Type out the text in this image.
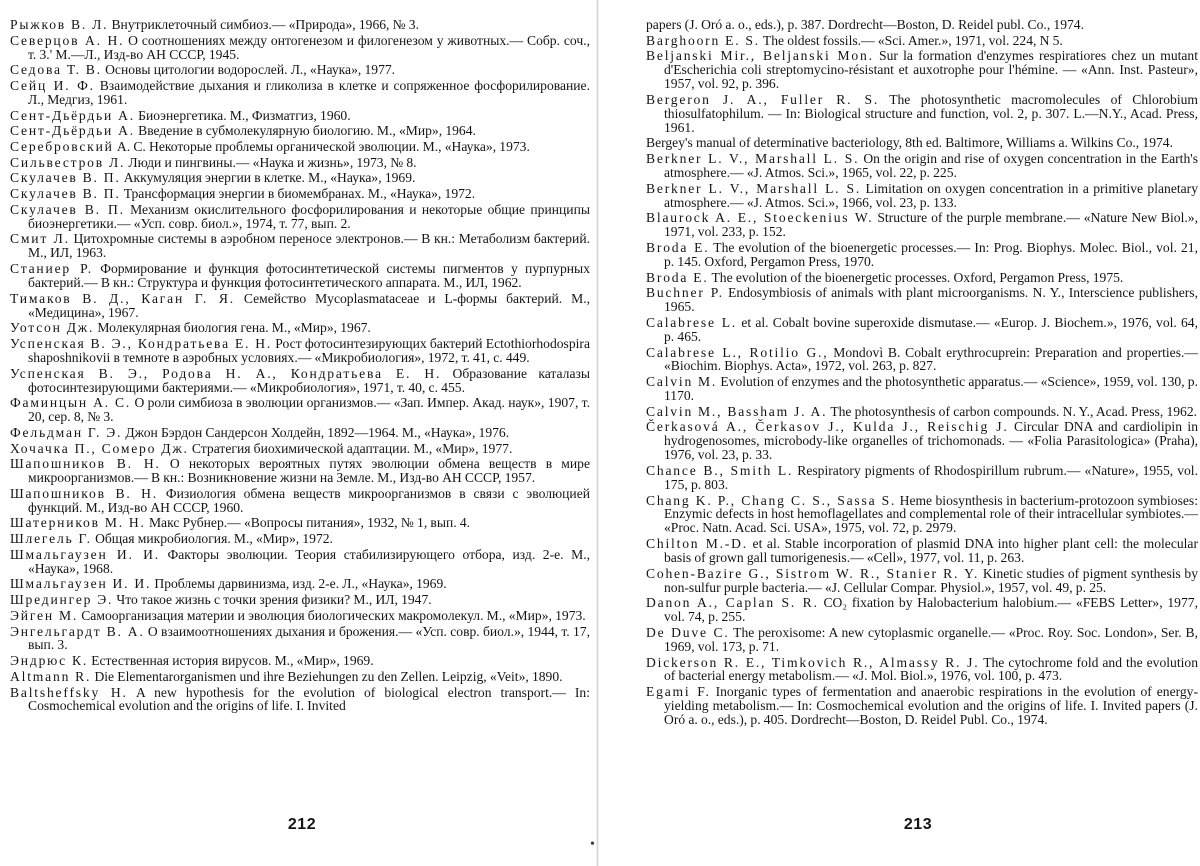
Рыжков В. Л. Внутриклеточный симбиоз.— «Природа», 1966, № 3.
Северцов А. Н. О соотношениях между онтогенезом и филогенезом у животных.— Собр. соч., т. 3.' М.—Л., Изд-во АН СССР, 1945.
Седова Т. В. Основы цитологии водорослей. Л., «Наука», 1977.
Сейц И. Ф. Взаимодействие дыхания и гликолиза в клетке и сопряженное фосфорилирование. Л., Медгиз, 1961.
Сент-Дьёрдьи А. Биоэнергетика. М., Физматгиз, 1960.
Сент-Дьёрдьи А. Введение в субмолекулярную биологию. М., «Мир», 1964.
Серебровский А. С. Некоторые проблемы органической эволюции. М., «Наука», 1973.
Сильвестров Л. Люди и пингвины.— «Наука и жизнь», 1973, № 8.
Скулачев В. П. Аккумуляция энергии в клетке. М., «Наука», 1969.
Скулачев В. П. Трансформация энергии в биомембранах. М., «Наука», 1972.
Скулачев В. П. Механизм окислительного фосфорилирования и некоторые общие принципы биоэнергетики.— «Усп. совр. биол.», 1974, т. 77, вып. 2.
Смит Л. Цитохромные системы в аэробном переносе электронов.— В кн.: Метаболизм бактерий. М., ИЛ, 1963.
Станиер Р. Формирование и функция фотосинтетической системы пигментов у пурпурных бактерий.— В кн.: Структура и функция фотосинтетического аппарата. М., ИЛ, 1962.
Тимаков В. Д., Каган Г. Я. Семейство Mycoplasmataceae и L-формы бактерий. М., «Медицина», 1967.
Уотсон Дж. Молекулярная биология гена. М., «Мир», 1967.
Успенская В. Э., Кондратьева Е. Н. Рост фотосинтезирующих бактерий Ectothiorhodospira shaposhnikovii в темноте в аэробных условиях.— «Микробиология», 1972, т. 41, с. 449.
Успенская В. Э., Родова Н. А., Кондратьева Е. Н. Образование каталазы фотосинтезирующими бактериями.— «Микробиология», 1971, т. 40, с. 455.
Фаминцын А. С. О роли симбиоза в эволюции организмов.— «Зап. Импер. Акад. наук», 1907, т. 20, сер. 8, № 3.
Фельдман Г. Э. Джон Бэрдон Сандерсон Холдейн, 1892—1964. М., «Наука», 1976.
Хочачка П., Сомеро Дж. Стратегия биохимической адаптации. М., «Мир», 1977.
Шапошников В. Н. О некоторых вероятных путях эволюции обмена веществ в мире микроорганизмов.— В кн.: Возникновение жизни на Земле. М., Изд-во АН СССР, 1957.
Шапошников В. Н. Физиология обмена веществ микроорганизмов в связи с эволюцией функций. М., Изд-во АН СССР, 1960.
Шатерников М. Н. Макс Рубнер.— «Вопросы питания», 1932, № 1, вып. 4.
Шлегель Г. Общая микробиология. М., «Мир», 1972.
Шмальгаузен И. И. Факторы эволюции. Теория стабилизирующего отбора, изд. 2-е. М., «Наука», 1968.
Шмальгаузен И. И. Проблемы дарвинизма, изд. 2-е. Л., «Наука», 1969.
Шредингер Э. Что такое жизнь с точки зрения физики? М., ИЛ, 1947.
Эйген М. Самоорганизация материи и эволюция биологических макромолекул. М., «Мир», 1973.
Энгельгардт В. А. О взаимоотношениях дыхания и брожения.— «Усп. совр. биол.», 1944, т. 17, вып. 3.
Эндрюс К. Естественная история вирусов. М., «Мир», 1969.
Altmann R. Die Elementarorganismen und ihre Beziehungen zu den Zellen. Leipzig, «Veit», 1890.
Baltsheffsky H. A new hypothesis for the evolution of biological electron transport.— In: Cosmochemical evolution and the origins of life. I. Invited
212
•
papers (J. Oró a. o., eds.), p. 387. Dordrecht—Boston, D. Reidel publ. Co., 1974.
Barghoorn E. S. The oldest fossils.— «Sci. Amer.», 1971, vol. 224, N 5.
Beljanski Mir., Beljanski Mon. Sur la formation d'enzymes respiratiores chez un mutant d'Escherichia coli streptomycino-résistant et auxotrophe pour l'hémine. — «Ann. Inst. Pasteur», 1957, vol. 92, p. 396.
Bergeron J. A., Fuller R. S. The photosynthetic macromolecules of Chlorobium thiosulfatophilum. — In: Biological structure and function, vol. 2, p. 307. L.—N.Y., Acad. Press, 1961.
Bergey's manual of determinative bacteriology, 8th ed. Baltimore, Williams a. Wilkins Co., 1974.
Berkner L. V., Marshall L. S. On the origin and rise of oxygen concentration in the Earth's atmosphere.— «J. Atmos. Sci.», 1965, vol. 22, p. 225.
Berkner L. V., Marshall L. S. Limitation on oxygen concentration in a primitive planetary atmosphere.— «J. Atmos. Sci.», 1966, vol. 23, p. 133.
Blaurock A. E., Stoeckenius W. Structure of the purple membrane.— «Nature New Biol.», 1971, vol. 233, p. 152.
Broda E. The evolution of the bioenergetic processes.— In: Prog. Biophys. Molec. Biol., vol. 21, p. 145. Oxford, Pergamon Press, 1970.
Broda E. The evolution of the bioenergetic processes. Oxford, Pergamon Press, 1975.
Buchner P. Endosymbiosis of animals with plant microorganisms. N. Y., Interscience publishers, 1965.
Calabrese L. et al. Cobalt bovine superoxide dismutase.— «Europ. J. Biochem.», 1976, vol. 64, p. 465.
Calabrese L., Rotilio G., Mondovì B. Cobalt erythrocuprein: Preparation and properties.— «Biochim. Biophys. Acta», 1972, vol. 263, p. 827.
Calvin M. Evolution of enzymes and the photosynthetic apparatus.— «Science», 1959, vol. 130, p. 1170.
Calvin M., Bassham J. A. The photosynthesis of carbon compounds. N. Y., Acad. Press, 1962.
Čerkasová A., Čerkasov J., Kulda J., Reischig J. Circular DNA and cardiolipin in hydrogenosomes, microbody-like organelles of trichomonads. — «Folia Parasitologica» (Praha), 1976, vol. 23, p. 33.
Chance B., Smith L. Respiratory pigments of Rhodospirillum rubrum.— «Nature», 1955, vol. 175, p. 803.
Chang K. P., Chang C. S., Sassa S. Heme biosynthesis in bacterium-protozoon symbioses: Enzymic defects in host hemoflagellates and complemental role of their intracellular symbiotes.— «Proc. Natn. Acad. Sci. USA», 1975, vol. 72, p. 2979.
Chilton M.-D. et al. Stable incorporation of plasmid DNA into higher plant cell: the molecular basis of grown gall tumorigenesis.— «Cell», 1977, vol. 11, p. 263.
Cohen-Bazire G., Sistrom W. R., Stanier R. Y. Kinetic studies of pigment synthesis by non-sulfur purple bacteria.— «J. Cellular Compar. Physiol.», 1957, vol. 49, p. 25.
Danon A., Caplan S. R. CO₂ fixation by Halobacterium halobium.— «FEBS Letter», 1977, vol. 74, p. 255.
De Duve C. The peroxisome: A new cytoplasmic organelle.— «Proc. Roy. Soc. London», Ser. B, 1969, vol. 173, p. 71.
Dickerson R. E., Timkovich R., Almassy R. J. The cytochrome fold and the evolution of bacterial energy metabolism.— «J. Mol. Biol.», 1976, vol. 100, p. 473.
Egami F. Inorganic types of fermentation and anaerobic respirations in the evolution of energy-yielding metabolism.— In: Cosmochemical evolution and the origins of life. I. Invited papers (J. Oró a. o., eds.), p. 405. Dordrecht—Boston, D. Reidel Publ. Co., 1974.
213
